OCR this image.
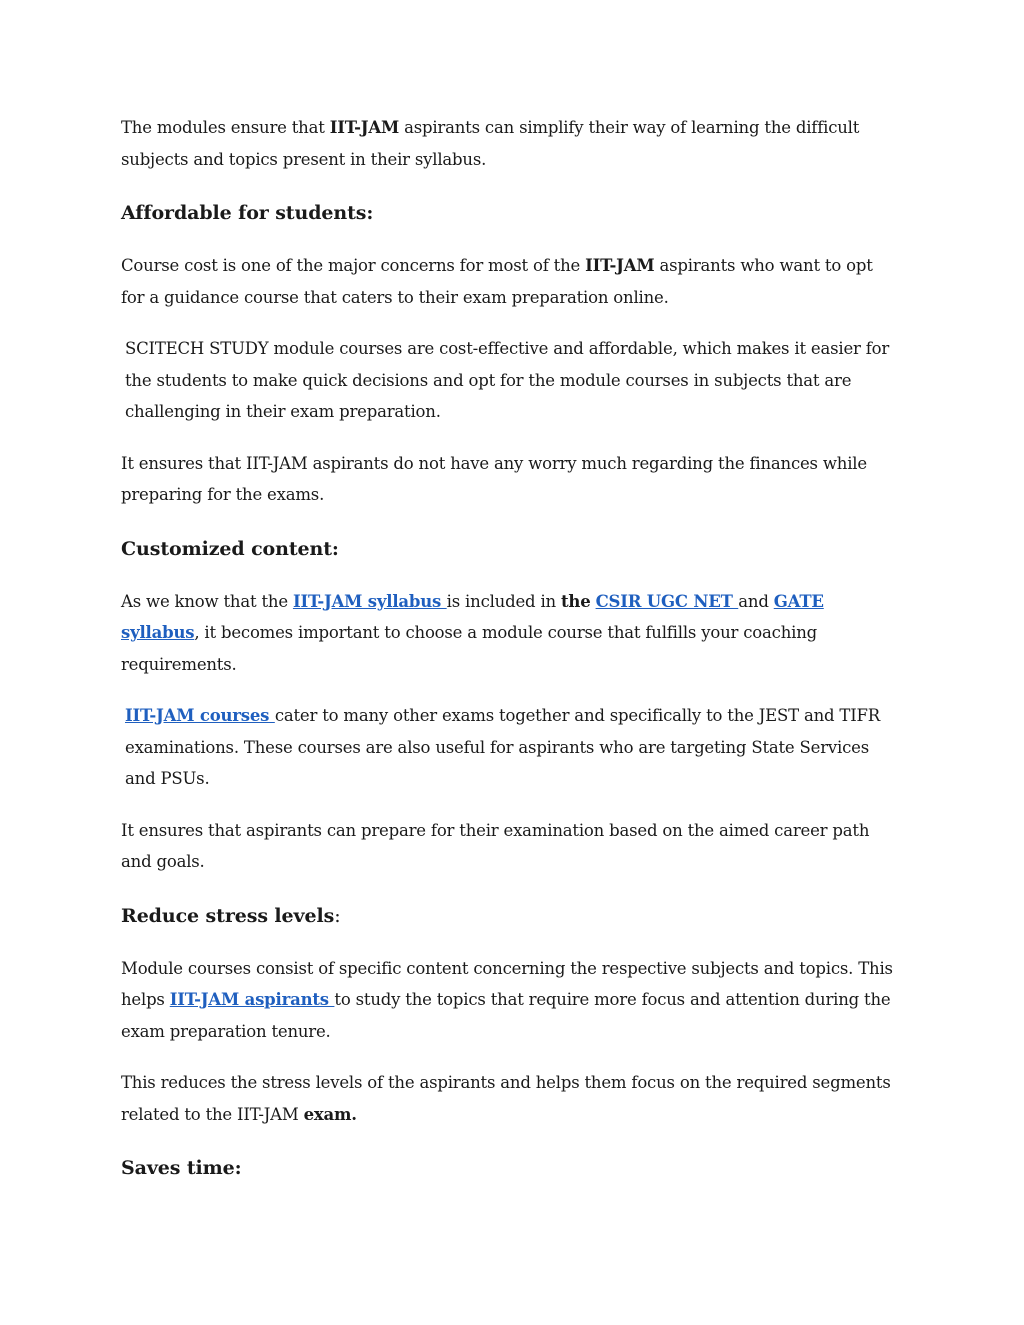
The modules ensure that IIT-JAM aspirants can simplify their way of learning the difficult subjects and topics present in their syllabus.

Affordable for students:

Course cost is one of the major concerns for most of the IIT-JAM aspirants who want to opt for a guidance course that caters to their exam preparation online.

SCITECH STUDY module courses are cost-effective and affordable, which makes it easier for the students to make quick decisions and opt for the module courses in subjects that are challenging in their exam preparation.

It ensures that IIT-JAM aspirants do not have any worry much regarding the finances while preparing for the exams.

Customized content:

As we know that the IIT-JAM syllabus is included in the CSIR UGC NET and GATE syllabus, it becomes important to choose a module course that fulfills your coaching requirements.

IIT-JAM courses cater to many other exams together and specifically to the JEST and TIFR examinations. These courses are also useful for aspirants who are targeting State Services and PSUs.

It ensures that aspirants can prepare for their examination based on the aimed career path and goals.

Reduce stress levels:

Module courses consist of specific content concerning the respective subjects and topics. This helps IIT-JAM aspirants to study the topics that require more focus and attention during the exam preparation tenure.

This reduces the stress levels of the aspirants and helps them focus on the required segments related to the IIT-JAM exam.

Saves time:
